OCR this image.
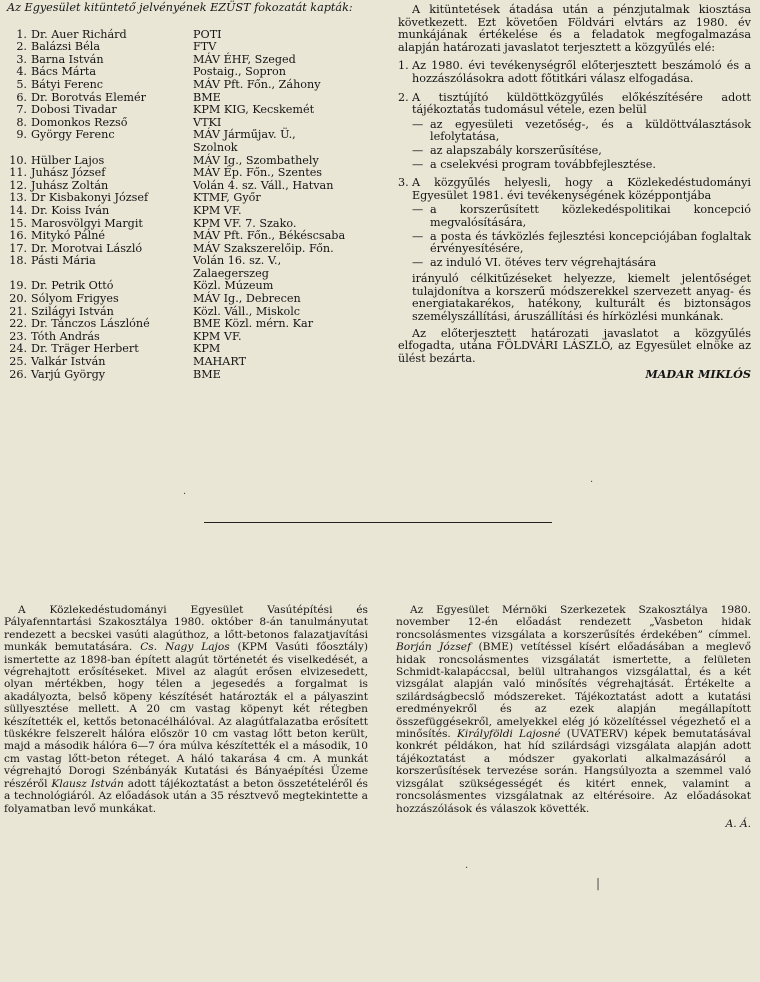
Az Egyesület kitüntető jelvényének EZÜST fokozatát kapták:

1.	Dr. Auer Richárd	POTI
2.	Balázsi Béla	FTV
3.	Barna István	MÁV ÉHF, Szeged
4.	Bács Márta	Postaig., Sopron
5.	Bátyi Ferenc	MÁV Pft. Főn., Záhony
6.	Dr. Borotvás Elemér	BME
7.	Dobosi Tivadar	KPM KIG, Kecskemét
8.	Domonkos Rezső	VTKI
9.	György Ferenc	MÁV Járműjav. Ü.,
Szolnok
10.	Hülber Lajos	MÁV Ig., Szombathely
11.	Juhász József	MÁV Ép. Főn., Szentes
12.	Juhász Zoltán	Volán 4. sz. Váll., Hatvan
13.	Dr Kisbakonyi József	KTMF, Győr
14.	Dr. Koiss Iván	KPM VF.
15.	Marosvölgyi Margit	KPM VF. 7. Szako.
16.	Mitykó Pálné	MÁV Pft. Főn., Békéscsaba
17.	Dr. Morotvai László	MÁV Szakszerelőip. Főn.
18.	Pásti Mária	Volán 16. sz. V.,
Zalaegerszeg
19.	Dr. Petrik Ottó	Közl. Múzeum
20.	Sólyom Frigyes	MÁV Ig., Debrecen
21.	Szilágyi István	Közl. Váll., Miskolc
22.	Dr. Tánczos Lászlóné	BME Közl. mérn. Kar
23.	Tóth András	KPM VF.
24.	Dr. Träger Herbert	KPM
25.	Valkár István	MAHART
26.	Varjú György	BME

A kitüntetések átadása után a pénzjutalmak kiosztása következett. Ezt követően Földvári elvtárs az 1980. év munkájának értékelése és a feladatok megfogalmazása alapján határozati javaslatot terjesztett a közgyűlés elé:

1. Az 1980. évi tevékenységről előterjesztett beszámoló és a hozzászólásokra adott főtitkári válasz elfogadása.
2. A tisztújító küldöttközgyűlés előkészítésére adott tájékoztatás tudomásul vétele, ezen belül
— az egyesületi vezetőség-, és a küldöttválasztások lefolytatása,
— az alapszabály korszerűsítése,
— a cselekvési program továbbfejlesztése.
3. A közgyűlés helyesli, hogy a Közlekedéstudományi Egyesület 1981. évi tevékenységének középpontjába
— a korszerűsített közlekedéspolitikai koncepció megvalósítására,
— a posta és távközlés fejlesztési koncepciójában foglaltak érvényesítésére,
— az induló VI. ötéves terv végrehajtására

irányuló célkitűzéseket helyezze, kiemelt jelentőséget tulajdonítva a korszerű módszerekkel szervezett anyag- és energiatakarékos, hatékony, kulturált és biztonságos személyszállítási, áruszállítási és hírközlési munkának.

Az előterjesztett határozati javaslatot a közgyűlés elfogadta, utána FÖLDVÁRI LÁSZLÓ, az Egyesület elnöke az ülést bezárta.

MADAR MIKLÓS
·
·
·
|

A Közlekedéstudományi Egyesület Vasútépítési és Pályafenntartási Szakosztálya 1980. október 8-án tanulmányutat rendezett a becskei vasúti alagúthoz, a lőtt-betonos falazatjavítási munkák bemutatására. Cs. Nagy Lajos (KPM Vasúti főosztály) ismertette az 1898-ban épített alagút történetét és viselkedését, a végrehajtott erősítéseket. Mivel az alagút erősen elvizesedett, olyan mértékben, hogy télen a jegesedés a forgalmat is akadályozta, belső köpeny készítését határozták el a pályaszint süllyesztése mellett. A 20 cm vastag köpenyt két rétegben készítették el, kettős betonacélhálóval. Az alagútfalazatba erősített tüskékre felszerelt hálóra először 10 cm vastag lőtt beton került, majd a második hálóra 6—7 óra múlva készítették el a második, 10 cm vastag lőtt-beton réteget. A háló takarása 4 cm. A munkát végrehajtó Dorogi Szénbányák Kutatási és Bányaépítési Üzeme részéről Klausz István adott tájékoztatást a beton összetételéről és a technológiáról. Az előadások után a 35 résztvevő megtekintette a folyamatban levő munkákat.

Az Egyesület Mérnöki Szerkezetek Szakosztálya 1980. november 12-én előadást rendezett „Vasbeton hidak roncsolásmentes vizsgálata a korszerűsítés érdekében” címmel. Borján József (BME) vetítéssel kísért előadásában a meglevő hidak roncsolásmentes vizsgálatát ismertette, a felületen Schmidt-kalapáccsal, belül ultrahangos vizsgálattal, és a két vizsgálat alapján való minősítés végrehajtását. Értékelte a szilárdságbecslő módszereket. Tájékoztatást adott a kutatási eredményekről és az ezek alapján megállapított összefüggésekről, amelyekkel elég jó közelítéssel végezhető el a minősítés. Királyföldi Lajosné (UVATERV) képek bemutatásával konkrét példákon, hat híd szilárdsági vizsgálata alapján adott tájékoztatást a módszer gyakorlati alkalmazásáról a korszerűsítések tervezése során. Hangsúlyozta a szemmel való vizsgálat szükségességét és kitért ennek, valamint a roncsolásmentes vizsgálatnak az eltérésoire. Az előadásokat hozzászólások és válaszok követték.

A. Á.
